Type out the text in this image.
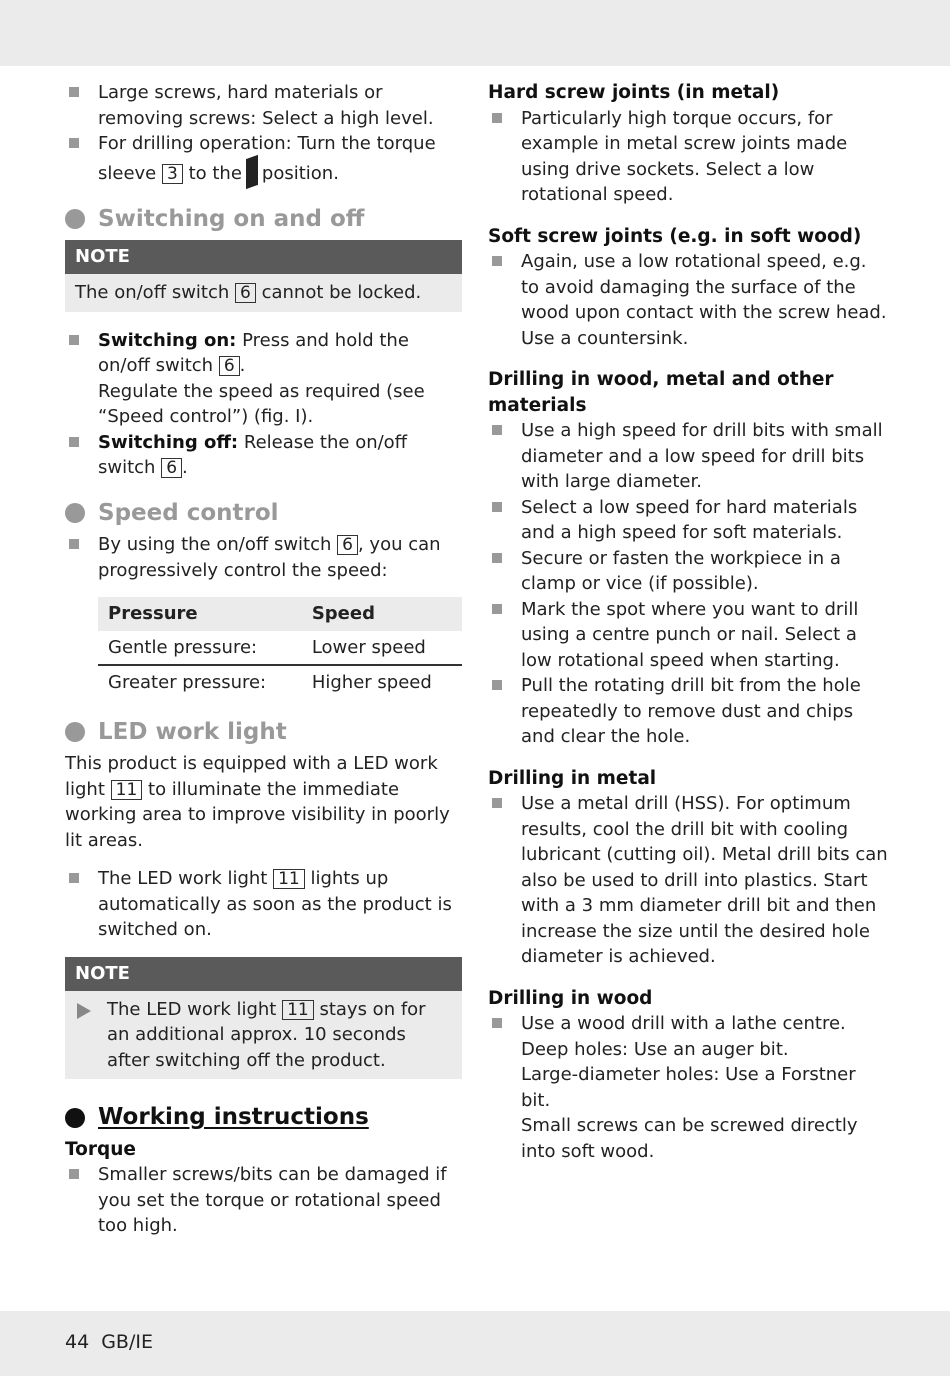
Large screws, hard materials or removing screws: Select a high level.
For drilling operation: Turn the torque sleeve 3 to the position.
Switching on and off
NOTE
The on/off switch 6 cannot be locked.
Switching on: Press and hold the on/off switch 6 .
Regulate the speed as required (see “Speed control”) (fig. I).
Switching off: Release the on/off switch 6 .
Speed control
By using the on/off switch 6 , you can progressively control the speed:
Pressure	Speed
Gentle pressure:	Lower speed
Greater pressure:	Higher speed
LED work light
This product is equipped with a LED work light 11 to illuminate the immediate working area to improve visibility in poorly lit areas.
The LED work light 11 lights up automatically as soon as the product is switched on.
NOTE
The LED work light 11 stays on for an additional approx. 10 seconds after switching off the product.
Working instructions
Torque
Smaller screws/bits can be damaged if you set the torque or rotational speed too high.
Hard screw joints (in metal)
Particularly high torque occurs, for example in metal screw joints made using drive sockets. Select a low rotational speed.
Soft screw joints (e.g. in soft wood)
Again, use a low rotational speed, e.g. to avoid damaging the surface of the wood upon contact with the screw head. Use a countersink.
Drilling in wood, metal and other materials
Use a high speed for drill bits with small diameter and a low speed for drill bits with large diameter.
Select a low speed for hard materials and a high speed for soft materials.
Secure or fasten the workpiece in a clamp or vice (if possible).
Mark the spot where you want to drill using a centre punch or nail. Select a low rotational speed when starting.
Pull the rotating drill bit from the hole repeatedly to remove dust and chips and clear the hole.
Drilling in metal
Use a metal drill (HSS). For optimum results, cool the drill bit with cooling lubricant (cutting oil). Metal drill bits can also be used to drill into plastics. Start with a 3 mm diameter drill bit and then increase the size until the desired hole diameter is achieved.
Drilling in wood
Use a wood drill with a lathe centre.
Deep holes: Use an auger bit.
Large-diameter holes: Use a Forstner bit.
Small screws can be screwed directly into soft wood.
44 GB/IE
